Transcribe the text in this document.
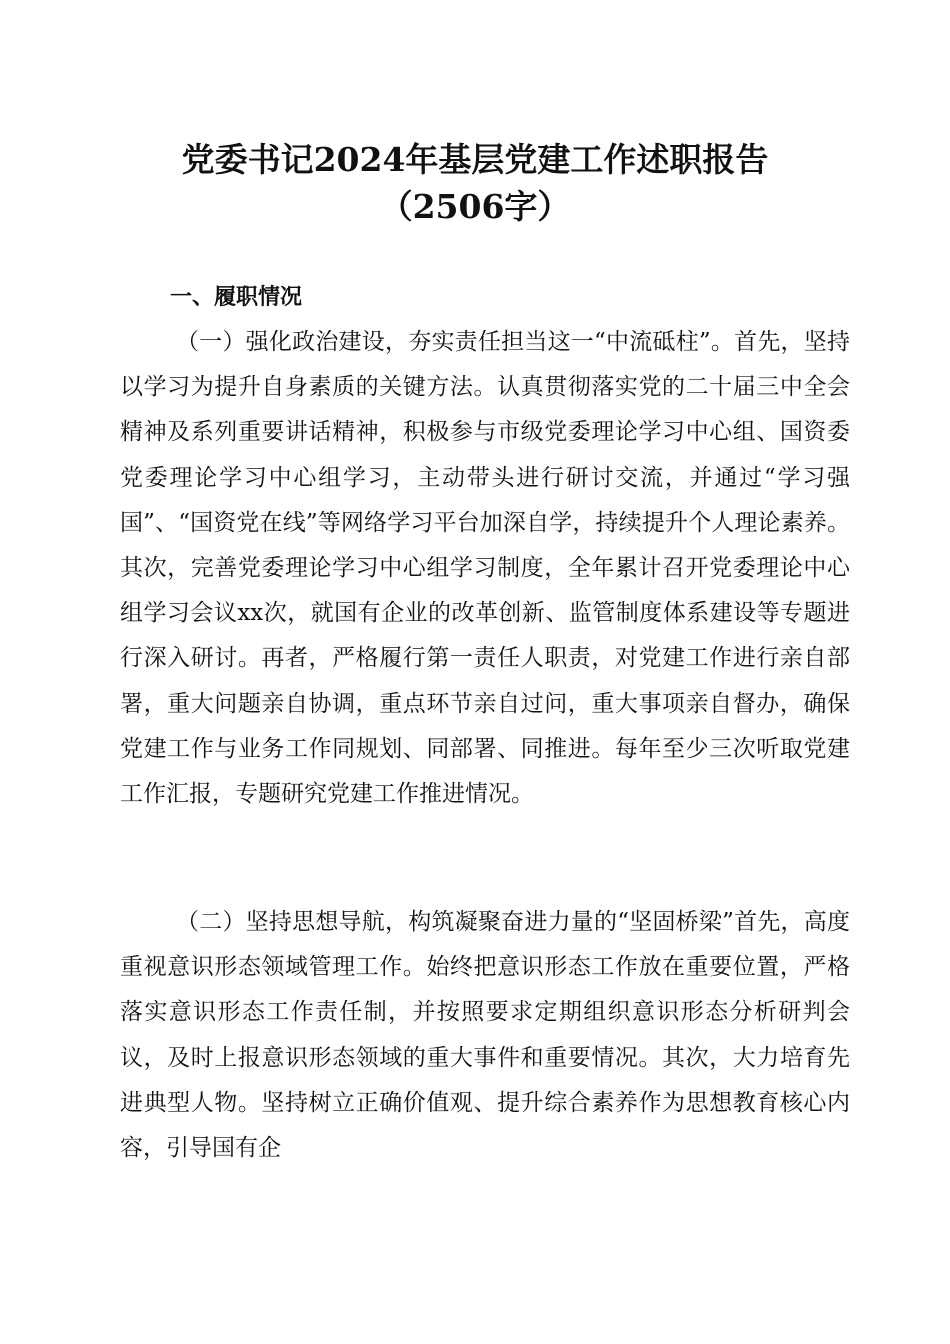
党委书记2024年基层党建工作述职报告
（2506字）
一、履职情况

（一）强化政治建设，夯实责任担当这一“中流砥柱”。首先，坚持以学习为提升自身素质的关键方法。认真贯彻落实党的二十届三中全会精神及系列重要讲话精神，积极参与市级党委理论学习中心组、国资委党委理论学习中心组学习，主动带头进行研讨交流，并通过“学习强国”、“国资党在线”等网络学习平台加深自学，持续提升个人理论素养。其次，完善党委理论学习中心组学习制度，全年累计召开党委理论中心组学习会议xx次，就国有企业的改革创新、监管制度体系建设等专题进行深入研讨。再者，严格履行第一责任人职责，对党建工作进行亲自部署，重大问题亲自协调，重点环节亲自过问，重大事项亲自督办，确保党建工作与业务工作同规划、同部署、同推进。每年至少三次听取党建工作汇报，专题研究党建工作推进情况。

（二）坚持思想导航，构筑凝聚奋进力量的“坚固桥梁”首先，高度重视意识形态领域管理工作。始终把意识形态工作放在重要位置，严格落实意识形态工作责任制，并按照要求定期组织意识形态分析研判会议，及时上报意识形态领域的重大事件和重要情况。其次，大力培育先进典型人物。坚持树立正确价值观、提升综合素养作为思想教育核心内容，引导国有企
